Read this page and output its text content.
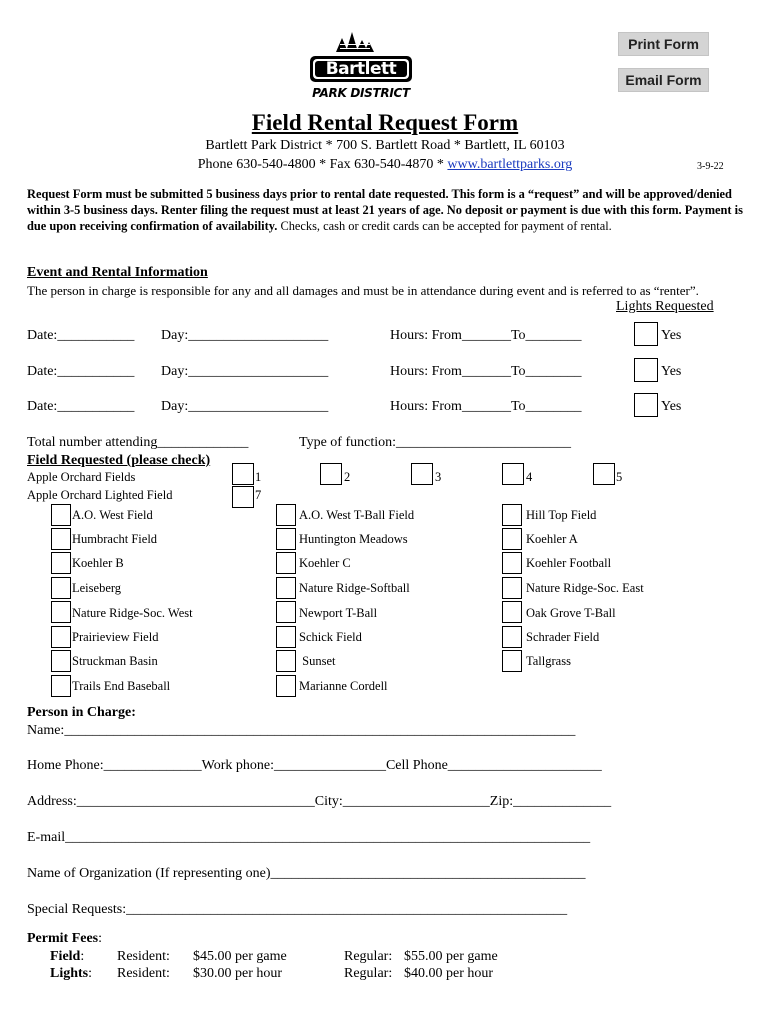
Print Form
Email Form
Bartlett
PARK DISTRICT
Field Rental Request Form
Bartlett Park District * 700 S. Bartlett Road * Bartlett, IL 60103
Phone 630-540-4800 * Fax 630-540-4870 * www.bartlettparks.org	3-9-22
Request Form must be submitted 5 business days prior to rental date requested. This form is a “request” and will be approved/denied within 3-5 business days. Renter filing the request must at least 21 years of age. No deposit or payment is due with this form. Payment is due upon receiving confirmation of availability. Checks, cash or credit cards can be accepted for payment of rental.
Event and Rental Information
The person in charge is responsible for any and all damages and must be in attendance during event and is referred to as “renter”.
Lights Requested
Date:___________ Day:____________________	Hours: From_______To________	Yes
Date:___________ Day:____________________	Hours: From_______To________	Yes
Date:___________ Day:____________________	Hours: From_______To________	Yes
Total number attending_____________	Type of function:_________________________
Field Requested (please check)
Apple Orchard Fields
Apple Orchard Lighted Field
1	2	3	4	5
7
A.O. West Field
Humbracht Field
Koehler B
Leiseberg
Nature Ridge-Soc. West
Prairieview Field
Struckman Basin
Trails End Baseball
A.O. West T-Ball Field
Huntington Meadows
Koehler C
Nature Ridge-Softball
Newport T-Ball
Schick Field
Sunset
Marianne Cordell
Hill Top Field
Koehler A
Koehler Football
Nature Ridge-Soc. East
Oak Grove T-Ball
Schrader Field
Tallgrass
Person in Charge:
Name:_________________________________________________________________________
Home Phone:______________Work phone:________________Cell Phone______________________
Address:__________________________________City:_____________________Zip:______________
E-mail___________________________________________________________________________
Name of Organization (If representing one)_____________________________________________
Special Requests:_______________________________________________________________
Permit Fees:
Field: Resident: $45.00 per game	Regular: $55.00 per game
Lights: Resident: $30.00 per hour	Regular: $40.00 per hour
